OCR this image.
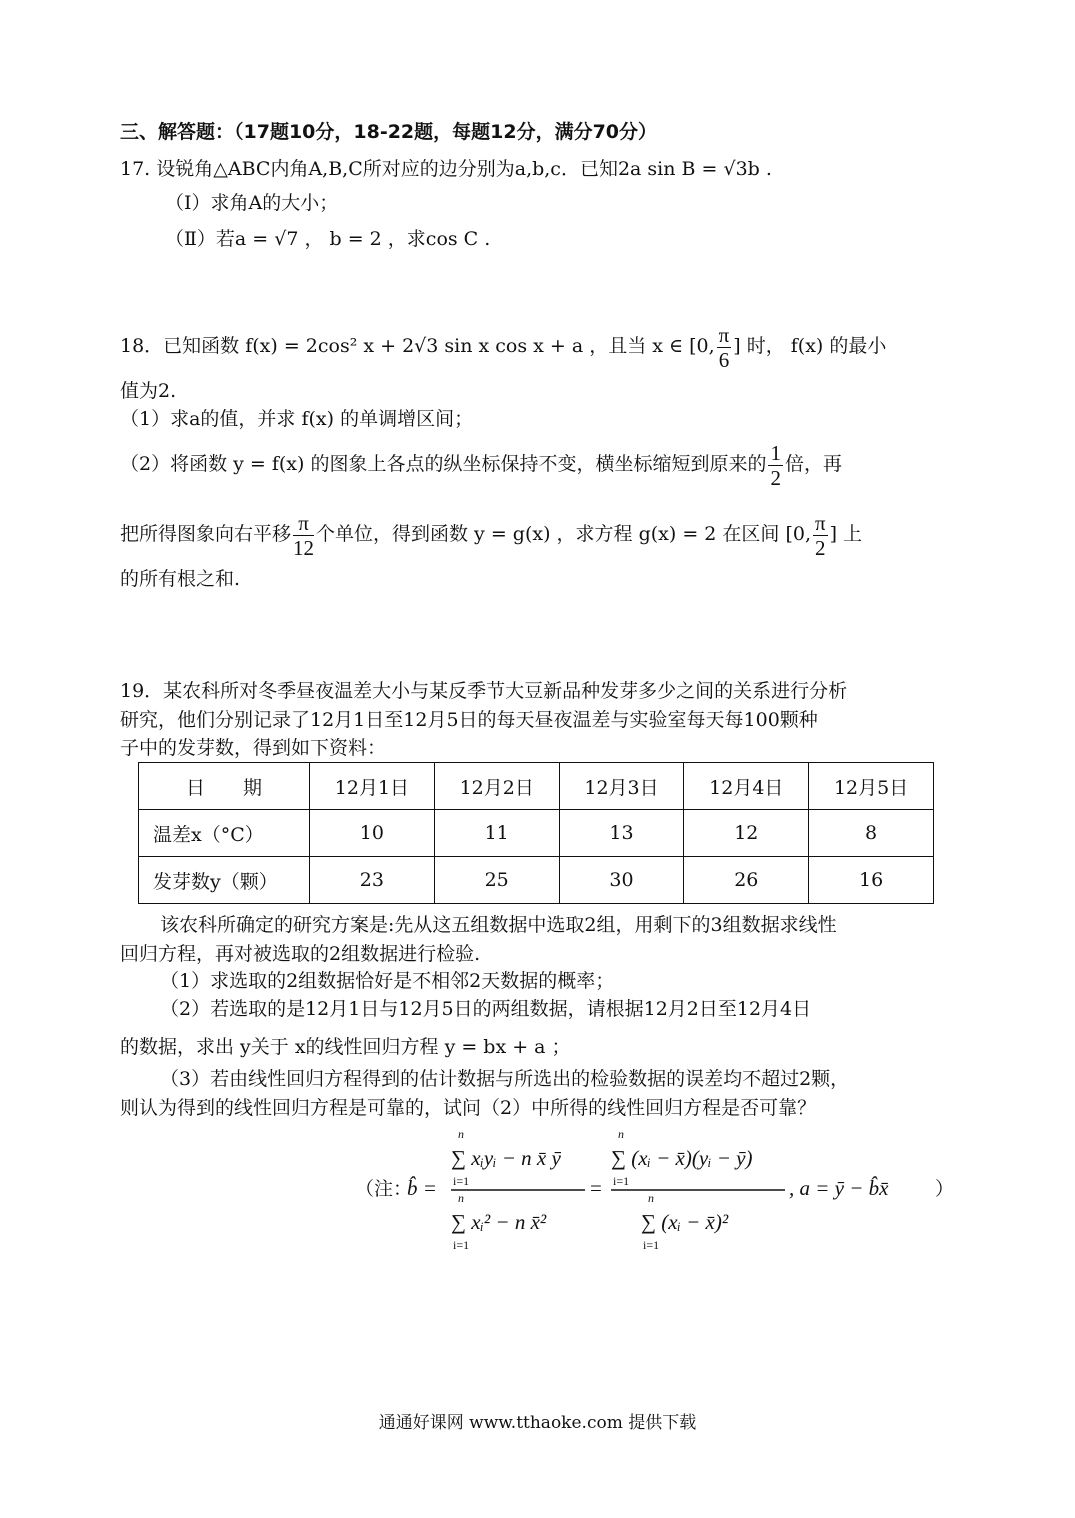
三、解答题：（17题10分，18-22题，每题12分，满分70分）
17. 设锐角△ABC内角A,B,C所对应的边分别为a,b,c．已知2a sin B = √3b .
（Ⅰ）求角A的大小；
（Ⅱ）若a = √7 ， b = 2 ，求cos C .
18．已知函数 f(x) = 2cos² x + 2√3 sin x cos x + a ，且当 x ∈ [0, $\frac{\pi}{6}$ ] 时， f(x) 的最小
值为2.
（1）求a的值，并求 f(x) 的单调增区间；
（2）将函数 y = f(x) 的图象上各点的纵坐标保持不变，横坐标缩短到原来的 $\frac{1}{2}$ 倍，再
把所得图象向右平移 $\frac{\pi}{12}$ 个单位，得到函数 y = g(x) ，求方程 g(x) = 2 在区间 [0, $\frac{\pi}{2}$ ] 上
的所有根之和.
19．某农科所对冬季昼夜温差大小与某反季节大豆新品种发芽多少之间的关系进行分析
研究，他们分别记录了12月1日至12月5日的每天昼夜温差与实验室每天每100颗种
子中的发芽数，得到如下资料：
日　　期	12月1日	12月2日	12月3日	12月4日	12月5日
温差x（°C）	10	11	13	12	8
发芽数y（颗）	23	25	30	26	16
该农科所确定的研究方案是:先从这五组数据中选取2组，用剩下的3组数据求线性
回归方程，再对被选取的2组数据进行检验.
（1）求选取的2组数据恰好是不相邻2天数据的概率；
（2）若选取的是12月1日与12月5日的两组数据，请根据12月2日至12月4日
的数据，求出 y关于 x的线性回归方程 y = bx + a ；
（3）若由线性回归方程得到的估计数据与所选出的检验数据的误差均不超过2颗，
则认为得到的线性回归方程是可靠的，试问（2）中所得的线性回归方程是否可靠？
（注：
b̂ =
n
i=1
∑ xᵢyᵢ − n x̄ ȳ
n
i=1
∑ xᵢ² − n x̄²
=
n
i=1
∑ (xᵢ − x̄)(yᵢ − ȳ)
n
i=1
∑ (xᵢ − x̄)²
, a = ȳ − b̂x̄ ）
通通好课网 www.tthaoke.com 提供下载
